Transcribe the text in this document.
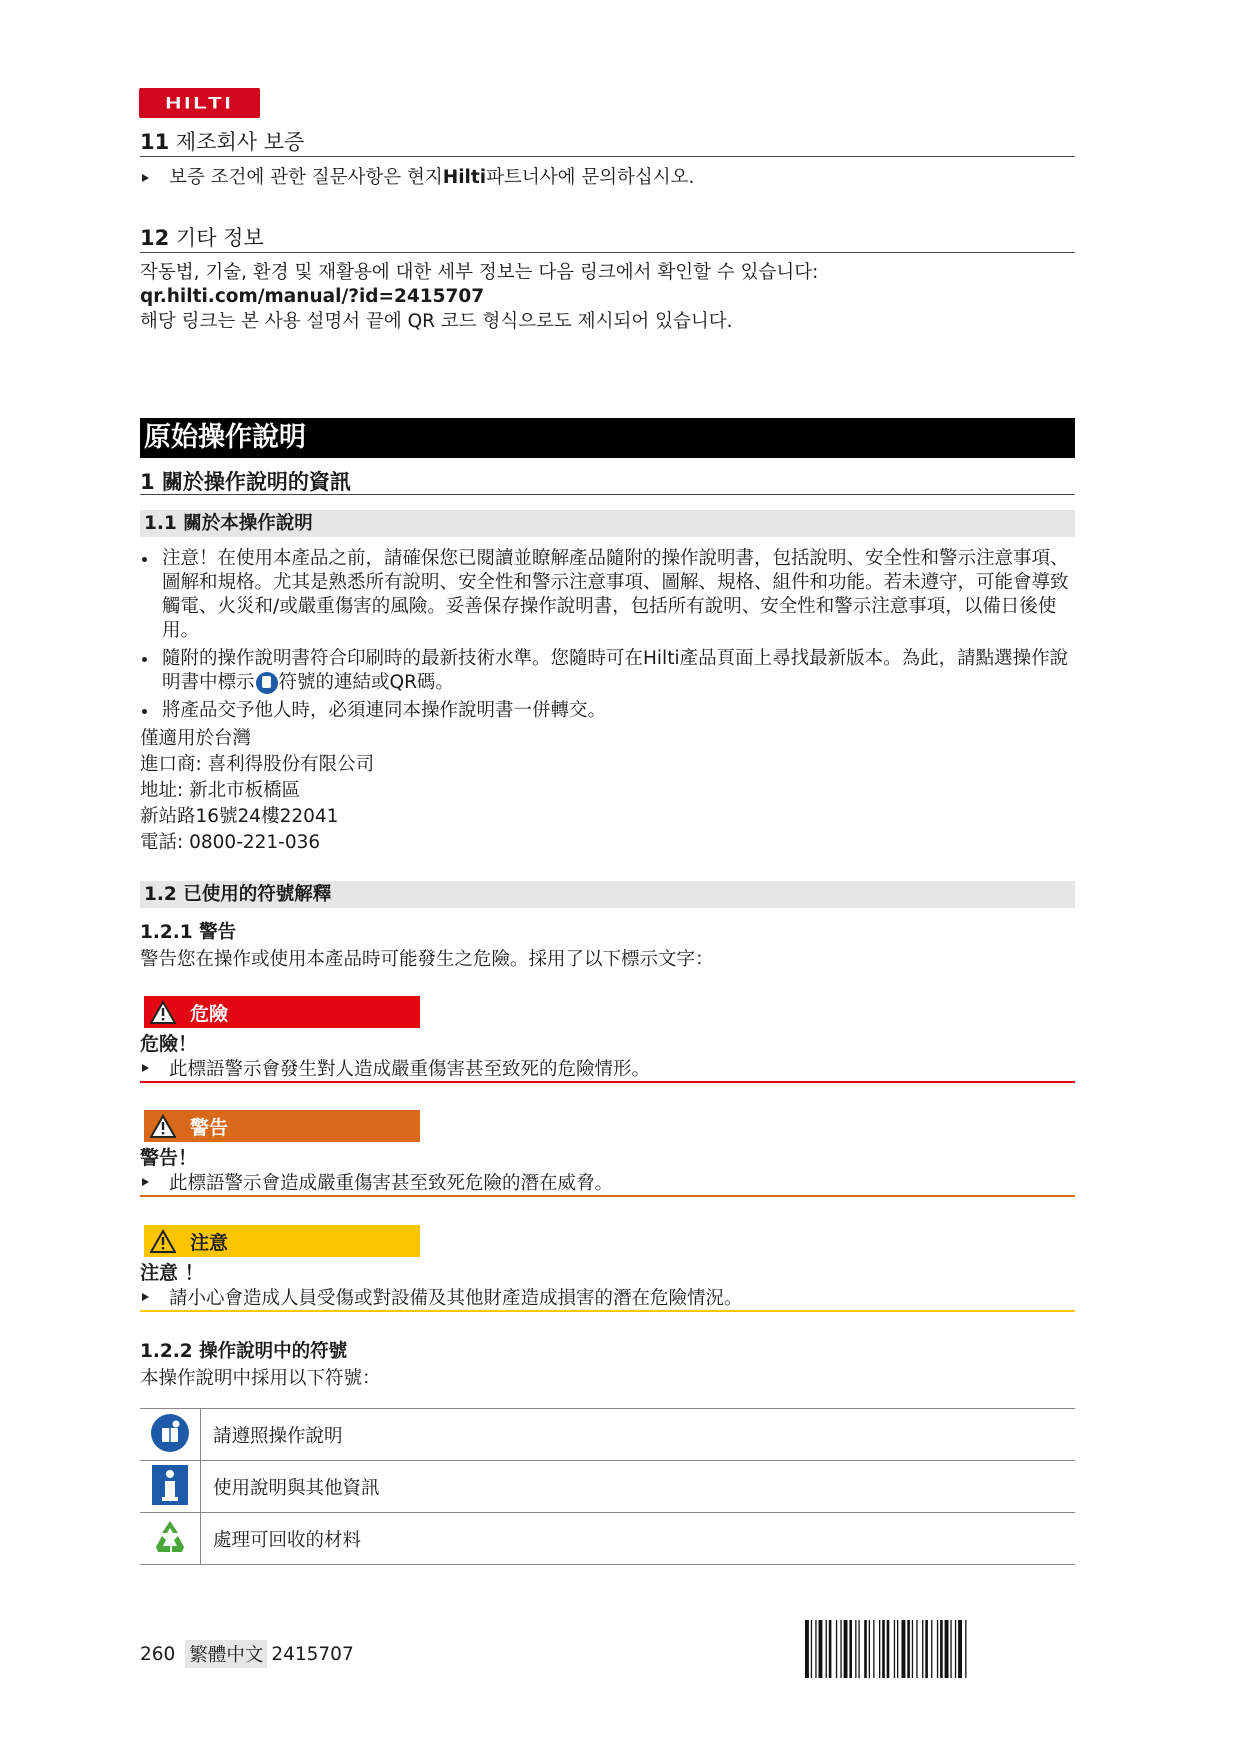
HILTI
11 제조회사 보증
보증 조건에 관한 질문사항은 현지 Hilti 파트너사에 문의하십시오.
12 기타 정보
작동법, 기술, 환경 및 재활용에 대한 세부 정보는 다음 링크에서 확인할 수 있습니다:
qr.hilti.com/manual/?id=2415707
해당 링크는 본 사용 설명서 끝에 QR 코드 형식으로도 제시되어 있습니다.
原始操作說明
1 關於操作說明的資訊
1.1 關於本操作說明
注意！在使用本產品之前，請確保您已閱讀並瞭解產品隨附的操作說明書，包括說明、安全性和警示注意事項、圖解和規格。尤其是熟悉所有說明、安全性和警示注意事項、圖解、規格、組件和功能。若未遵守，可能會導致觸電、火災和/或嚴重傷害的風險。妥善保存操作說明書，包括所有說明、安全性和警示注意事項，以備日後使用。
隨附的操作說明書符合印刷時的最新技術水準。您隨時可在Hilti產品頁面上尋找最新版本。為此，請點選操作說明書中標示 符號的連結或QR碼。
將產品交予他人時，必須連同本操作說明書一併轉交。
僅適用於台灣
進口商: 喜利得股份有限公司
地址: 新北市板橋區
新站路16號24樓22041
電話: 0800-221-036
1.2 已使用的符號解釋
1.2.1 警告
警告您在操作或使用本產品時可能發生之危險。採用了以下標示文字：
危險
危險！
此標語警示會發生對人造成嚴重傷害甚至致死的危險情形。
警告
警告！
此標語警示會造成嚴重傷害甚至致死危險的潛在威脅。
注意
注意 ！
請小心會造成人員受傷或對設備及其他財產造成損害的潛在危險情況。
1.2.2 操作說明中的符號
本操作說明中採用以下符號：
	請遵照操作說明
	使用說明與其他資訊
	處理可回收的材料
260 繁體中文 2415707
